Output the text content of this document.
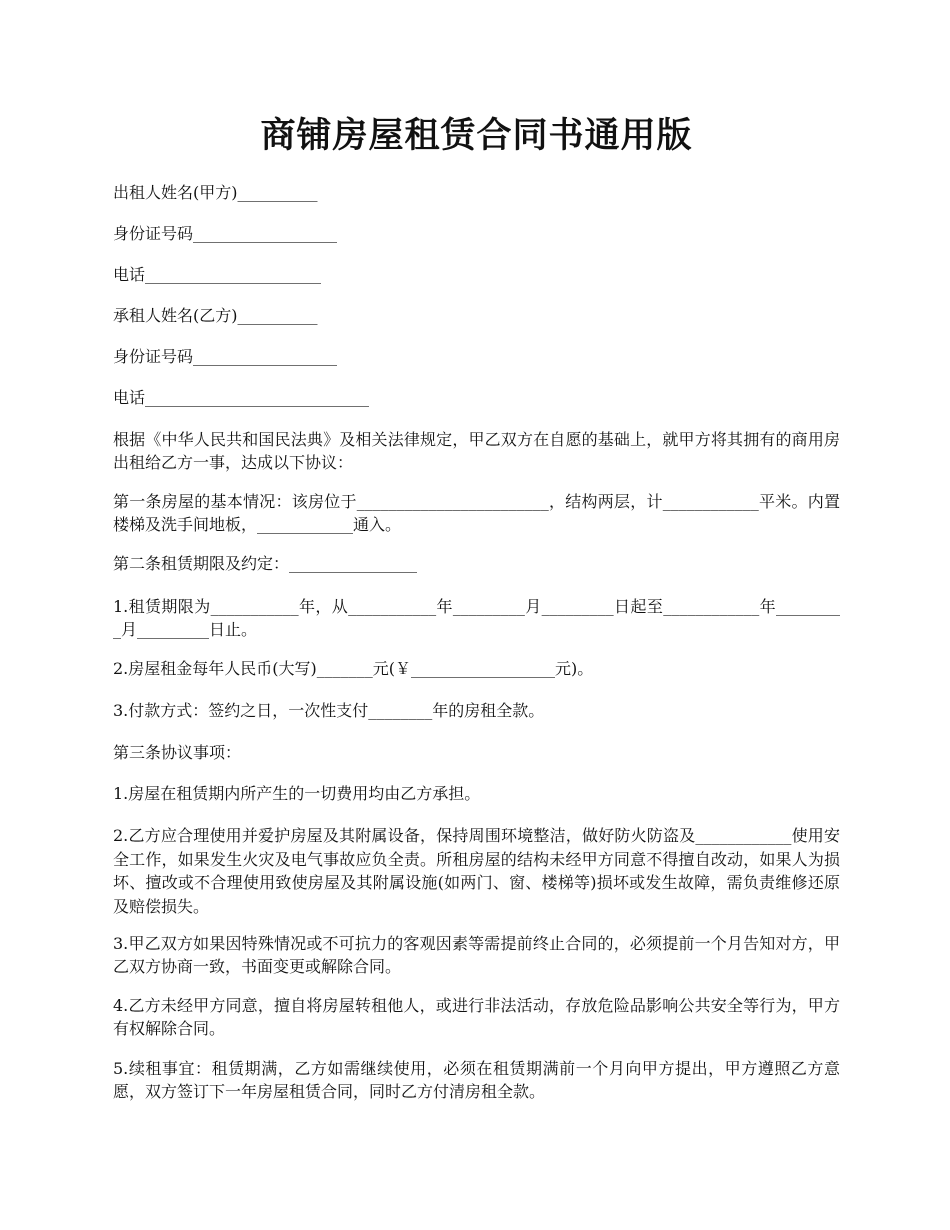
商铺房屋租赁合同书通用版

出租人姓名(甲方)__________

身份证号码__________________

电话______________________

承租人姓名(乙方)__________

身份证号码__________________

电话____________________________

根据《中华人民共和国民法典》及相关法律规定，甲乙双方在自愿的基础上，就甲方将其拥有的商用房出租给乙方一事，达成以下协议：

第一条房屋的基本情况：该房位于________________________，结构两层，计____________平米。内置楼梯及洗手间地板，____________通入。

第二条租赁期限及约定：________________

1.租赁期限为___________年，从___________年_________月_________日起至____________年_________月_________日止。

2.房屋租金每年人民币(大写)_______元(￥__________________元)。

3.付款方式：签约之日，一次性支付________年的房租全款。

第三条协议事项：

1.房屋在租赁期内所产生的一切费用均由乙方承担。

2.乙方应合理使用并爱护房屋及其附属设备，保持周围环境整洁，做好防火防盗及____________使用安全工作，如果发生火灾及电气事故应负全责。所租房屋的结构未经甲方同意不得擅自改动，如果人为损坏、擅改或不合理使用致使房屋及其附属设施(如两门、窗、楼梯等)损坏或发生故障，需负责维修还原及赔偿损失。

3.甲乙双方如果因特殊情况或不可抗力的客观因素等需提前终止合同的，必须提前一个月告知对方，甲乙双方协商一致，书面变更或解除合同。

4.乙方未经甲方同意，擅自将房屋转租他人，或进行非法活动，存放危险品影响公共安全等行为，甲方有权解除合同。

5.续租事宜：租赁期满，乙方如需继续使用，必须在租赁期满前一个月向甲方提出，甲方遵照乙方意愿，双方签订下一年房屋租赁合同，同时乙方付清房租全款。
